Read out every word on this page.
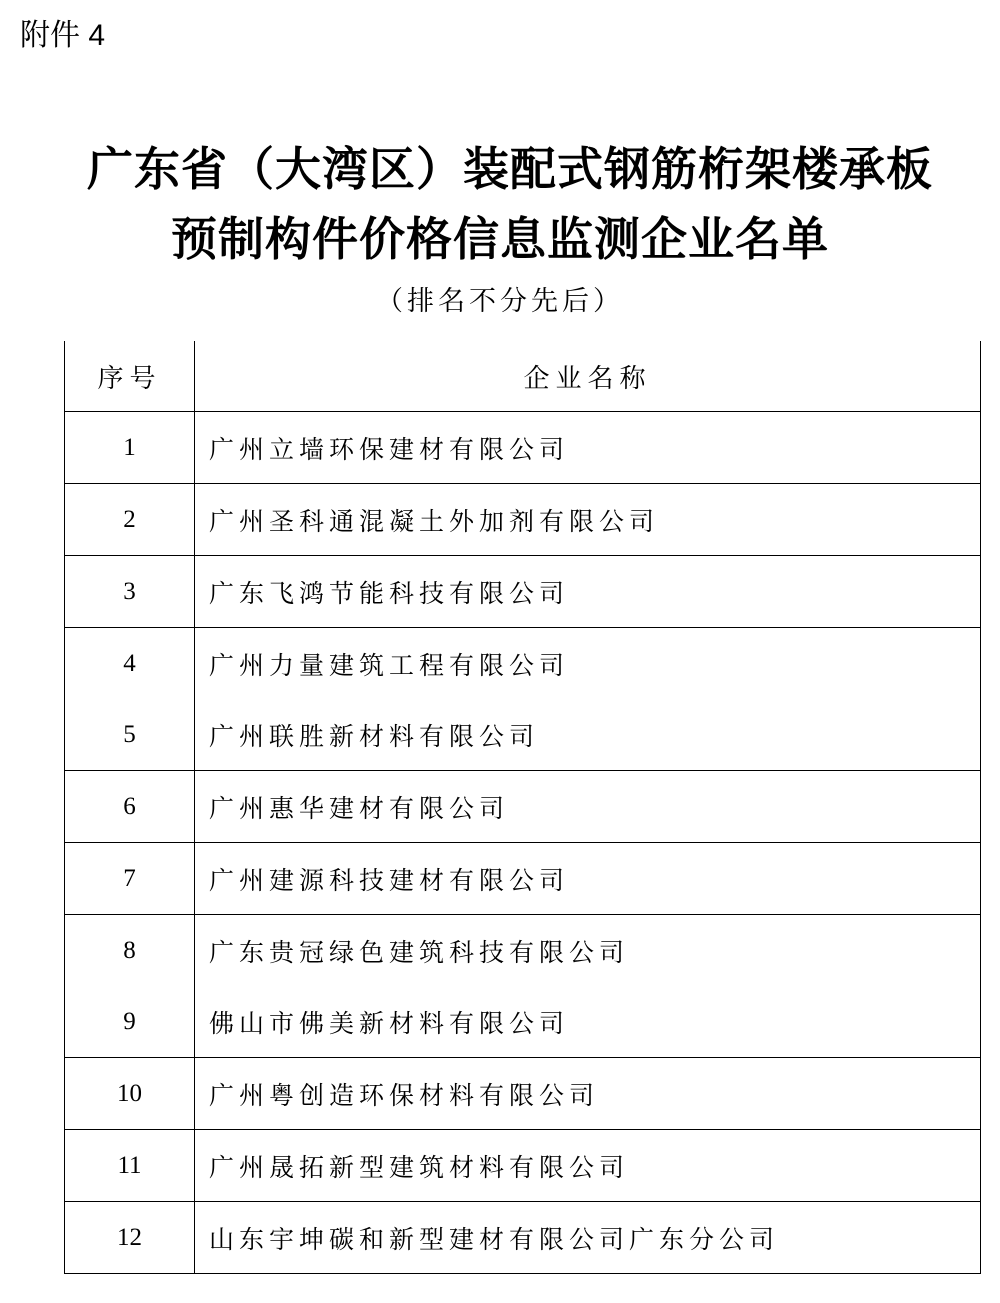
附件 4
广东省（大湾区）装配式钢筋桁架楼承板
预制构件价格信息监测企业名单
（排名不分先后）
序号	企业名称
1	广州立墙环保建材有限公司
2	广州圣科通混凝土外加剂有限公司
3	广东飞鸿节能科技有限公司
4	广州力量建筑工程有限公司
5	广州联胜新材料有限公司
6	广州惠华建材有限公司
7	广州建源科技建材有限公司
8	广东贵冠绿色建筑科技有限公司
9	佛山市佛美新材料有限公司
10	广州粤创造环保材料有限公司
11	广州晟拓新型建筑材料有限公司
12	山东宇坤碳和新型建材有限公司广东分公司
